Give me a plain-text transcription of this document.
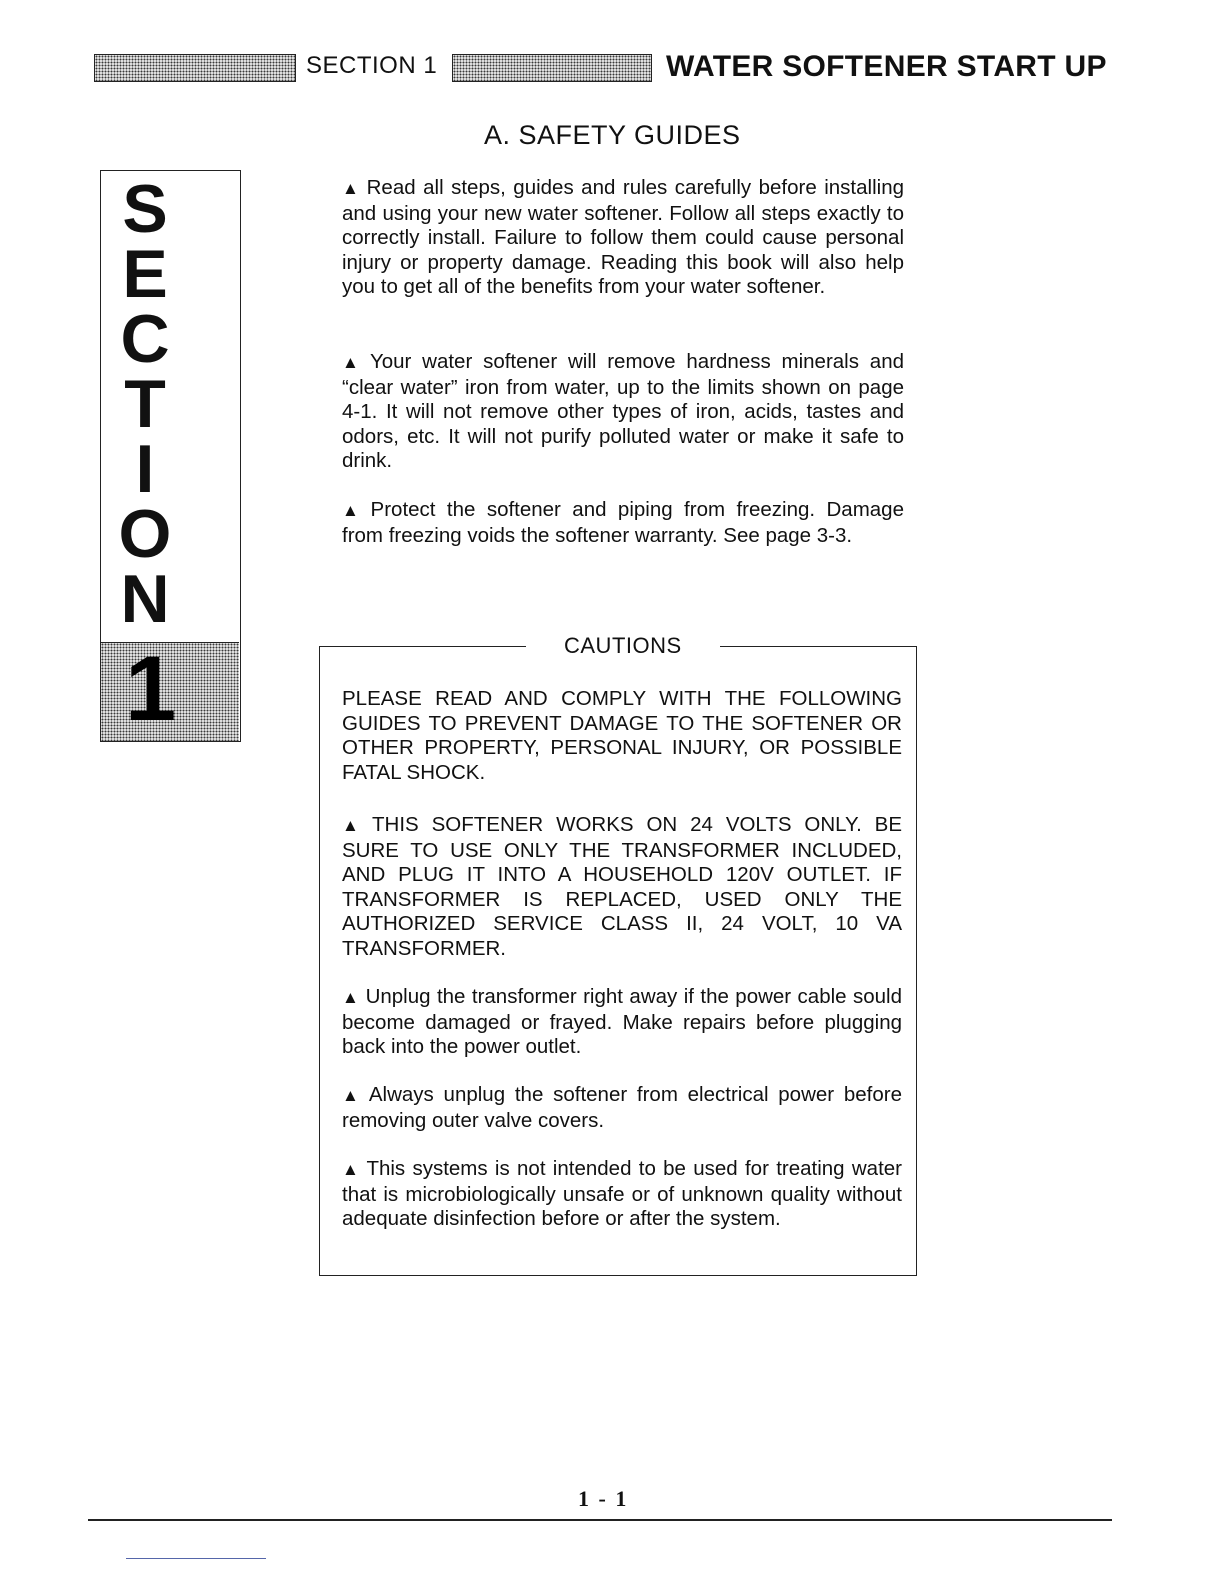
SECTION 1	WATER SOFTENER START UP
S
E
C
T
I
O
N
1
A. SAFETY GUIDES
▲ Read all steps, guides and rules carefully before installing and using your new water softener. Follow all steps exactly to correctly install. Failure to follow them could cause personal injury or property damage. Reading this book will also help you to get all of the benefits from your water softener.
▲ Your water softener will remove hardness minerals and “clear water” iron from water, up to the limits shown on page 4-1. It will not remove other types of iron, acids, tastes and odors, etc. It will not purify polluted water or make it safe to drink.
▲ Protect the softener and piping from freezing. Damage from freezing voids the softener warranty. See page 3-3.
CAUTIONS
PLEASE READ AND COMPLY WITH THE FOLLOWING GUIDES TO PREVENT DAMAGE TO THE SOFTENER OR OTHER PROPERTY, PERSONAL INJURY, OR POSSIBLE FATAL SHOCK.
▲ THIS SOFTENER WORKS ON 24 VOLTS ONLY. BE SURE TO USE ONLY THE TRANSFORMER INCLUDED, AND PLUG IT INTO A HOUSEHOLD 120V OUTLET. IF TRANSFORMER IS REPLACED, USED ONLY THE AUTHORIZED SERVICE CLASS II, 24 VOLT, 10 VA TRANSFORMER.
▲ Unplug the transformer right away if the power cable sould become damaged or frayed. Make repairs before plugging back into the power outlet.
▲ Always unplug the softener from electrical power before removing outer valve covers.
▲ This systems is not intended to be used for treating water that is microbiologically unsafe or of unknown quality without adequate disinfection before or after the system.
1 - 1
